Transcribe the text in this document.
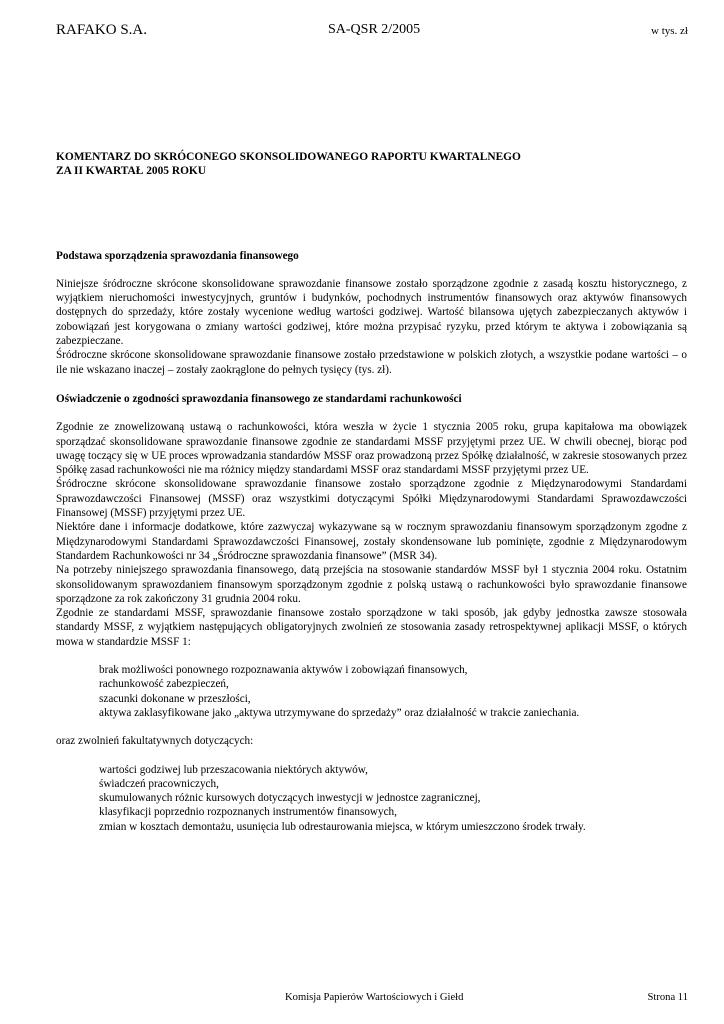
RAFAKO S.A.	SA-QSR 2/2005	w tys. zł
KOMENTARZ DO SKRÓCONEGO SKONSOLIDOWANEGO RAPORTU KWARTALNEGO
ZA II KWARTAŁ 2005 ROKU
Podstawa sporządzenia sprawozdania finansowego

Niniejsze śródroczne skrócone skonsolidowane sprawozdanie finansowe zostało sporządzone zgodnie z zasadą kosztu historycznego, z wyjątkiem nieruchomości inwestycyjnych, gruntów i budynków, pochodnych instrumentów finansowych oraz aktywów finansowych dostępnych do sprzedaży, które zostały wycenione według wartości godziwej. Wartość bilansowa ujętych zabezpieczanych aktywów i zobowiązań jest korygowana o zmiany wartości godziwej, które można przypisać ryzyku, przed którym te aktywa i zobowiązania są zabezpieczane.

Śródroczne skrócone skonsolidowane sprawozdanie finansowe zostało przedstawione w polskich złotych, a wszystkie podane wartości – o ile nie wskazano inaczej – zostały zaokrąglone do pełnych tysięcy (tys. zł).

Oświadczenie o zgodności sprawozdania finansowego ze standardami rachunkowości

Zgodnie ze znowelizowaną ustawą o rachunkowości, która weszła w życie 1 stycznia 2005 roku, grupa kapitałowa ma obowiązek sporządzać skonsolidowane sprawozdanie finansowe zgodnie ze standardami MSSF przyjętymi przez UE. W chwili obecnej, biorąc pod uwagę toczący się w UE proces wprowadzania standardów MSSF oraz prowadzoną przez Spółkę działalność, w zakresie stosowanych przez Spółkę zasad rachunkowości nie ma różnicy między standardami MSSF oraz standardami MSSF przyjętymi przez UE.

Śródroczne skrócone skonsolidowane sprawozdanie finansowe zostało sporządzone zgodnie z Międzynarodowymi Standardami Sprawozdawczości Finansowej (MSSF) oraz wszystkimi dotyczącymi Spółki Międzynarodowymi Standardami Sprawozdawczości Finansowej (MSSF) przyjętymi przez UE.

Niektóre dane i informacje dodatkowe, które zazwyczaj wykazywane są w rocznym sprawozdaniu finansowym sporządzonym zgodne z Międzynarodowymi Standardami Sprawozdawczości Finansowej, zostały skondensowane lub pominięte, zgodnie z Międzynarodowym Standardem Rachunkowości nr 34 „Śródroczne sprawozdania finansowe” (MSR 34).

Na potrzeby niniejszego sprawozdania finansowego, datą przejścia na stosowanie standardów MSSF był 1 stycznia 2004 roku. Ostatnim skonsolidowanym sprawozdaniem finansowym sporządzonym zgodnie z polską ustawą o rachunkowości było sprawozdanie finansowe sporządzone za rok zakończony 31 grudnia 2004 roku.

Zgodnie ze standardami MSSF, sprawozdanie finansowe zostało sporządzone w taki sposób, jak gdyby jednostka zawsze stosowała standardy MSSF, z wyjątkiem następujących obligatoryjnych zwolnień ze stosowania zasady retrospektywnej aplikacji MSSF, o których mowa w standardzie MSSF 1:

brak możliwości ponownego rozpoznawania aktywów i zobowiązań finansowych,
rachunkowość zabezpieczeń,
szacunki dokonane w przeszłości,
aktywa zaklasyfikowane jako „aktywa utrzymywane do sprzedaży” oraz działalność w trakcie zaniechania.

oraz zwolnień fakultatywnych dotyczących:

wartości godziwej lub przeszacowania niektórych aktywów,
świadczeń pracowniczych,
skumulowanych różnic kursowych dotyczących inwestycji w jednostce zagranicznej,
klasyfikacji poprzednio rozpoznanych instrumentów finansowych,
zmian w kosztach demontażu, usunięcia lub odrestaurowania miejsca, w którym umieszczono środek trwały.
Komisja Papierów Wartościowych i Giełd	Strona 11
